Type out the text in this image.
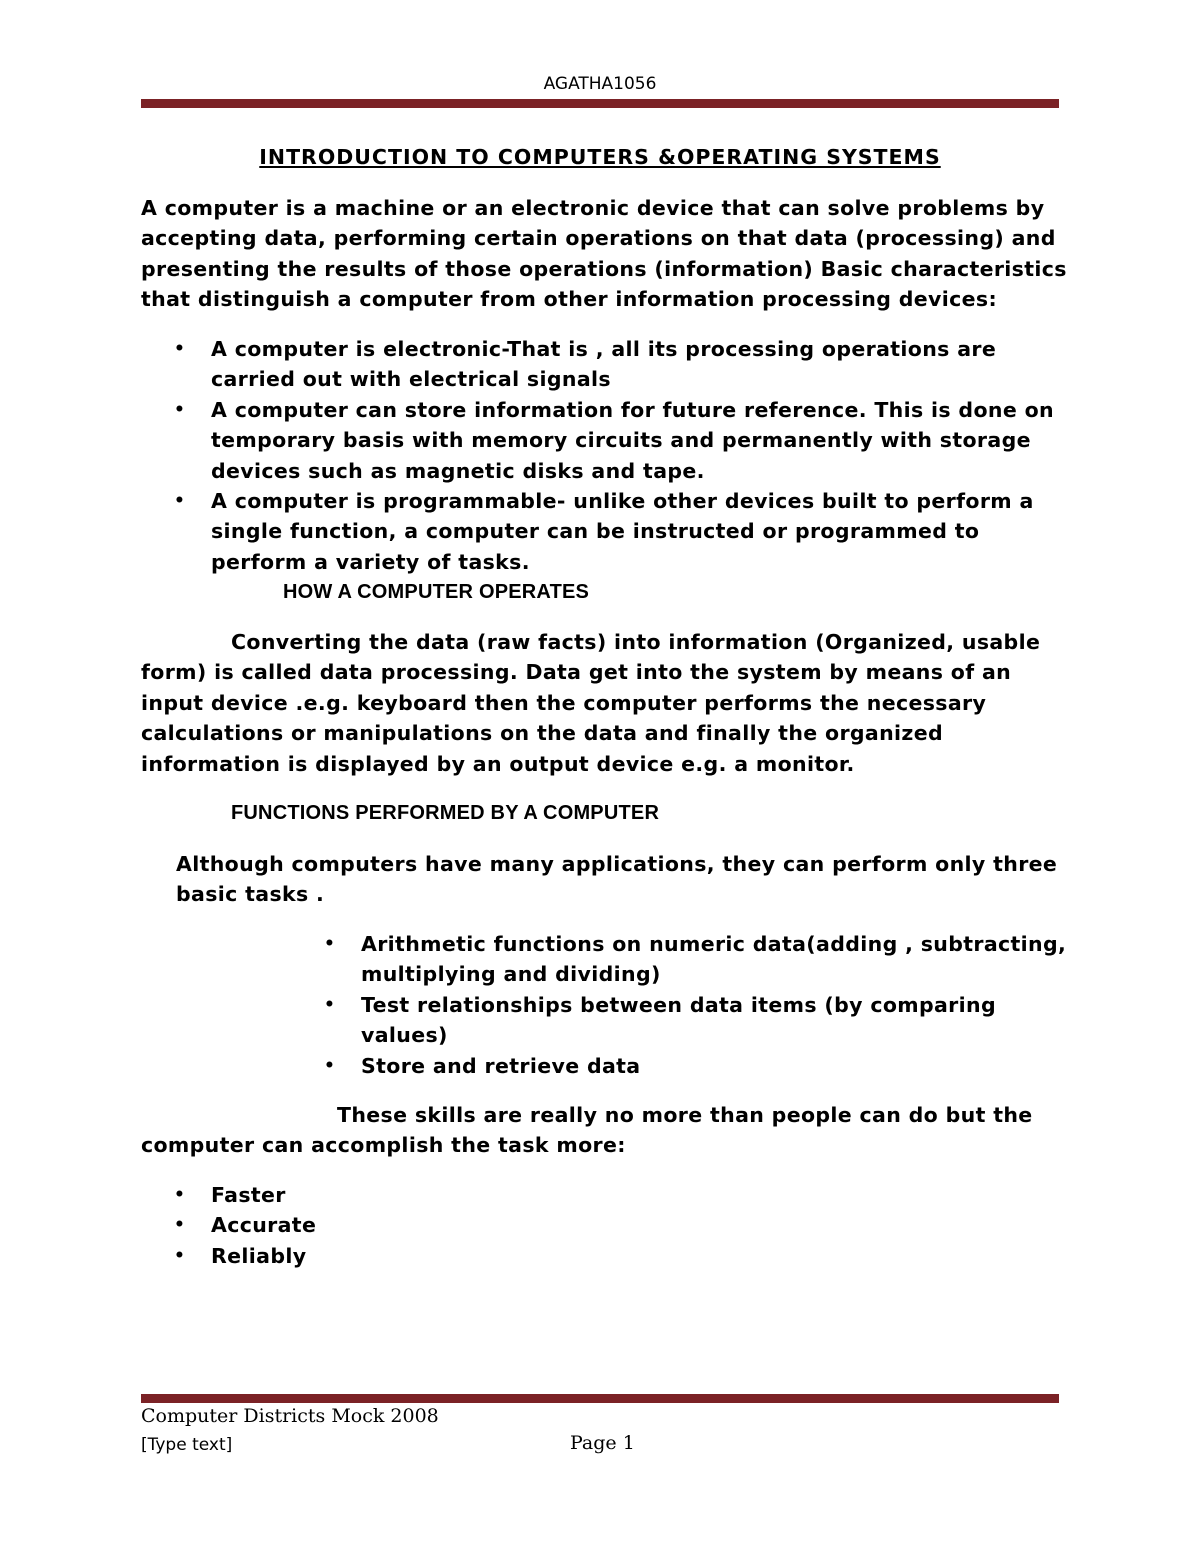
AGATHA1056
INTRODUCTION TO COMPUTERS &OPERATING SYSTEMS
A computer is a machine or an electronic device that can solve problems by
accepting data, performing certain operations on that data (processing) and
presenting the results of those operations (information) Basic characteristics
that distinguish a computer from other information processing devices:
• A computer is electronic-That is , all its processing operations are
carried out with electrical signals
• A computer can store information for future reference. This is done on
temporary basis with memory circuits and permanently with storage
devices such as magnetic disks and tape.
• A computer is programmable- unlike other devices built to perform a
single function, a computer can be instructed or programmed to
perform a variety of tasks.
HOW A COMPUTER OPERATES
Converting the data (raw facts) into information (Organized, usable
form) is called data processing. Data get into the system by means of an
input device .e.g. keyboard then the computer performs the necessary
calculations or manipulations on the data and finally the organized
information is displayed by an output device e.g. a monitor.
FUNCTIONS PERFORMED BY A COMPUTER
Although computers have many applications, they can perform only three
basic tasks .
• Arithmetic functions on numeric data(adding , subtracting,
multiplying and dividing)
• Test relationships between data items (by comparing
values)
• Store and retrieve data
These skills are really no more than people can do but the
computer can accomplish the task more:
• Faster
• Accurate
• Reliably
Computer Districts Mock 2008
[Type text]	Page 1
